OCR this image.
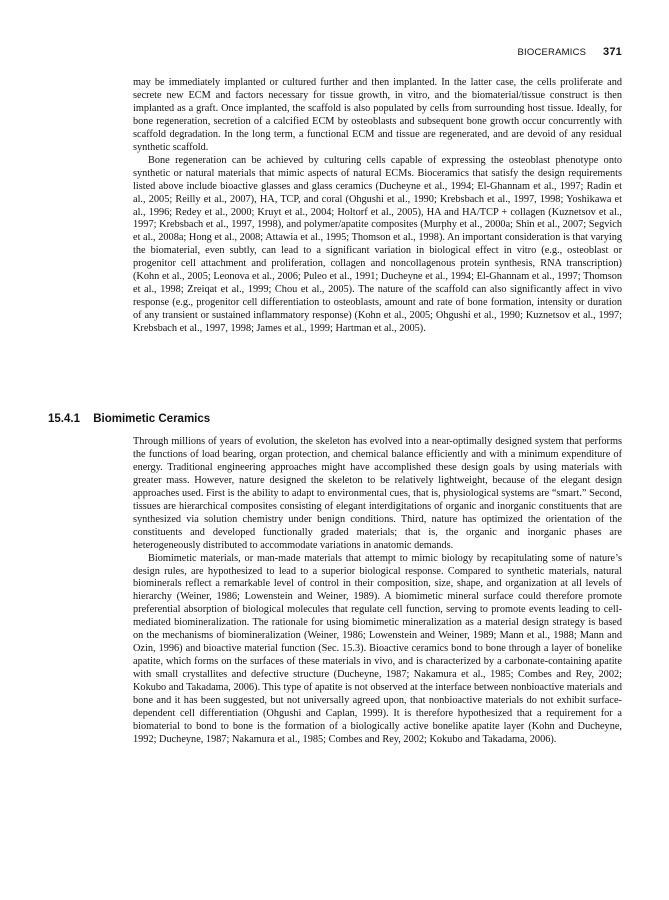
BIOCERAMICS 371

may be immediately implanted or cultured further and then implanted. In the latter case, the cells proliferate and secrete new ECM and factors necessary for tissue growth, in vitro, and the biomaterial/tissue construct is then implanted as a graft. Once implanted, the scaffold is also populated by cells from surrounding host tissue. Ideally, for bone regeneration, secretion of a calcified ECM by osteoblasts and subsequent bone growth occur concurrently with scaffold degradation. In the long term, a functional ECM and tissue are regenerated, and are devoid of any residual synthetic scaffold.

Bone regeneration can be achieved by culturing cells capable of expressing the osteoblast phenotype onto synthetic or natural materials that mimic aspects of natural ECMs. Bioceramics that satisfy the design requirements listed above include bioactive glasses and glass ceramics (Ducheyne et al., 1994; El-Ghannam et al., 1997; Radin et al., 2005; Reilly et al., 2007), HA, TCP, and coral (Ohgushi et al., 1990; Krebsbach et al., 1997, 1998; Yoshikawa et al., 1996; Redey et al., 2000; Kruyt et al., 2004; Holtorf et al., 2005), HA and HA/TCP + collagen (Kuznetsov et al., 1997; Krebsbach et al., 1997, 1998), and polymer/apatite composites (Murphy et al., 2000a; Shin et al., 2007; Segvich et al., 2008a; Hong et al., 2008; Attawia et al., 1995; Thomson et al., 1998). An important consideration is that varying the biomaterial, even subtly, can lead to a significant variation in biological effect in vitro (e.g., osteoblast or progenitor cell attachment and proliferation, collagen and noncollagenous protein synthesis, RNA transcription) (Kohn et al., 2005; Leonova et al., 2006; Puleo et al., 1991; Ducheyne et al., 1994; El-Ghannam et al., 1997; Thomson et al., 1998; Zreiqat et al., 1999; Chou et al., 2005). The nature of the scaffold can also significantly affect in vivo response (e.g., progenitor cell differentiation to osteoblasts, amount and rate of bone formation, intensity or duration of any transient or sustained inflammatory response) (Kohn et al., 2005; Ohgushi et al., 1990; Kuznetsov et al., 1997; Krebsbach et al., 1997, 1998; James et al., 1999; Hartman et al., 2005).

15.4.1 Biomimetic Ceramics

Through millions of years of evolution, the skeleton has evolved into a near-optimally designed system that performs the functions of load bearing, organ protection, and chemical balance efficiently and with a minimum expenditure of energy. Traditional engineering approaches might have accomplished these design goals by using materials with greater mass. However, nature designed the skeleton to be relatively lightweight, because of the elegant design approaches used. First is the ability to adapt to environmental cues, that is, physiological systems are “smart.” Second, tissues are hierarchical composites consisting of elegant interdigitations of organic and inorganic constituents that are synthesized via solution chemistry under benign conditions. Third, nature has optimized the orientation of the constituents and developed functionally graded materials; that is, the organic and inorganic phases are heterogeneously distributed to accommodate variations in anatomic demands.

Biomimetic materials, or man-made materials that attempt to mimic biology by recapitulating some of nature’s design rules, are hypothesized to lead to a superior biological response. Compared to synthetic materials, natural biominerals reflect a remarkable level of control in their composition, size, shape, and organization at all levels of hierarchy (Weiner, 1986; Lowenstein and Weiner, 1989). A biomimetic mineral surface could therefore promote preferential absorption of biological molecules that regulate cell function, serving to promote events leading to cell-mediated biomineralization. The rationale for using biomimetic mineralization as a material design strategy is based on the mechanisms of biomineralization (Weiner, 1986; Lowenstein and Weiner, 1989; Mann et al., 1988; Mann and Ozin, 1996) and bioactive material function (Sec. 15.3). Bioactive ceramics bond to bone through a layer of bonelike apatite, which forms on the surfaces of these materials in vivo, and is characterized by a carbonate-containing apatite with small crystallites and defective structure (Ducheyne, 1987; Nakamura et al., 1985; Combes and Rey, 2002; Kokubo and Takadama, 2006). This type of apatite is not observed at the interface between nonbioactive materials and bone and it has been suggested, but not universally agreed upon, that nonbioactive materials do not exhibit surface-dependent cell differentiation (Ohgushi and Caplan, 1999). It is therefore hypothesized that a requirement for a biomaterial to bond to bone is the formation of a biologically active bonelike apatite layer (Kohn and Ducheyne, 1992; Ducheyne, 1987; Nakamura et al., 1985; Combes and Rey, 2002; Kokubo and Takadama, 2006).
